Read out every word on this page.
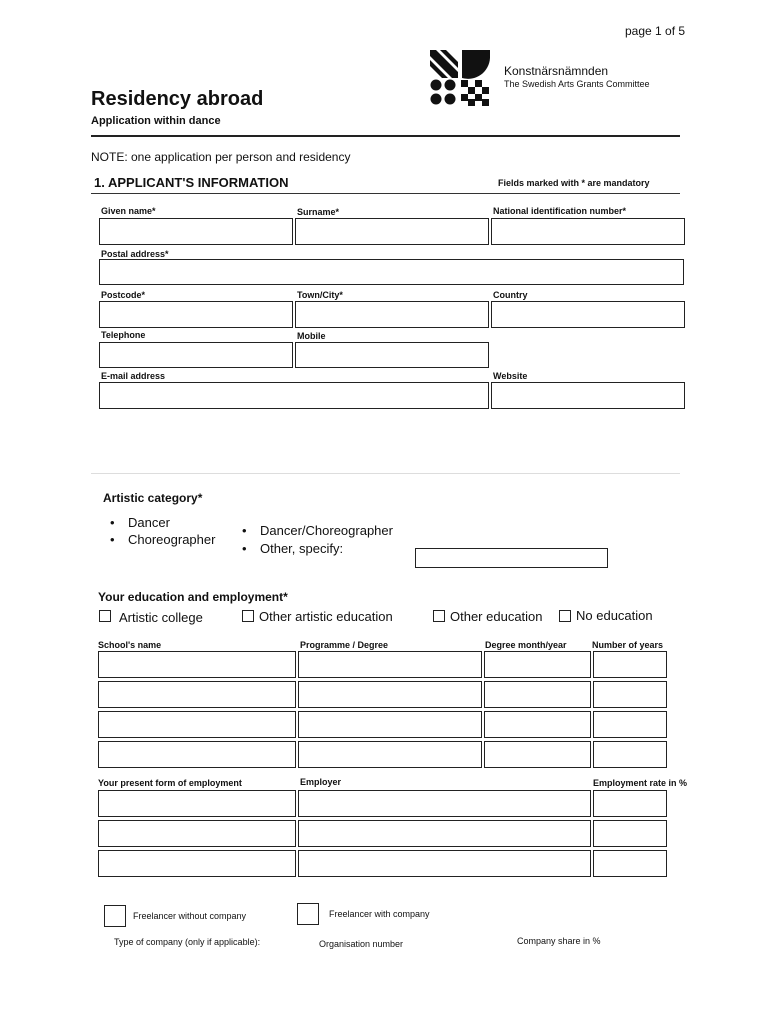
page 1 of 5
Konstnärsnämnden
The Swedish Arts Grants Committee
Residency abroad
Application within dance
NOTE: one application per person and residency
1. APPLICANT'S INFORMATION	Fields marked with * are mandatory
Given name*	Surname*	National identification number*
Postal address*
Postcode*	Town/City*	Country
Telephone	Mobile
E-mail address	Website
Artistic category*
• Dancer
• Choreographer
• Dancer/Choreographer
• Other, specify:
Your education and employment*
Artistic college	Other artistic education	Other education	No education
School's name	Programme / Degree	Degree month/year	Number of years
Your present form of employment	Employer	Employment rate in %
Freelancer without company	Freelancer with company
Type of company (only if applicable):	Organisation number	Company share in %
